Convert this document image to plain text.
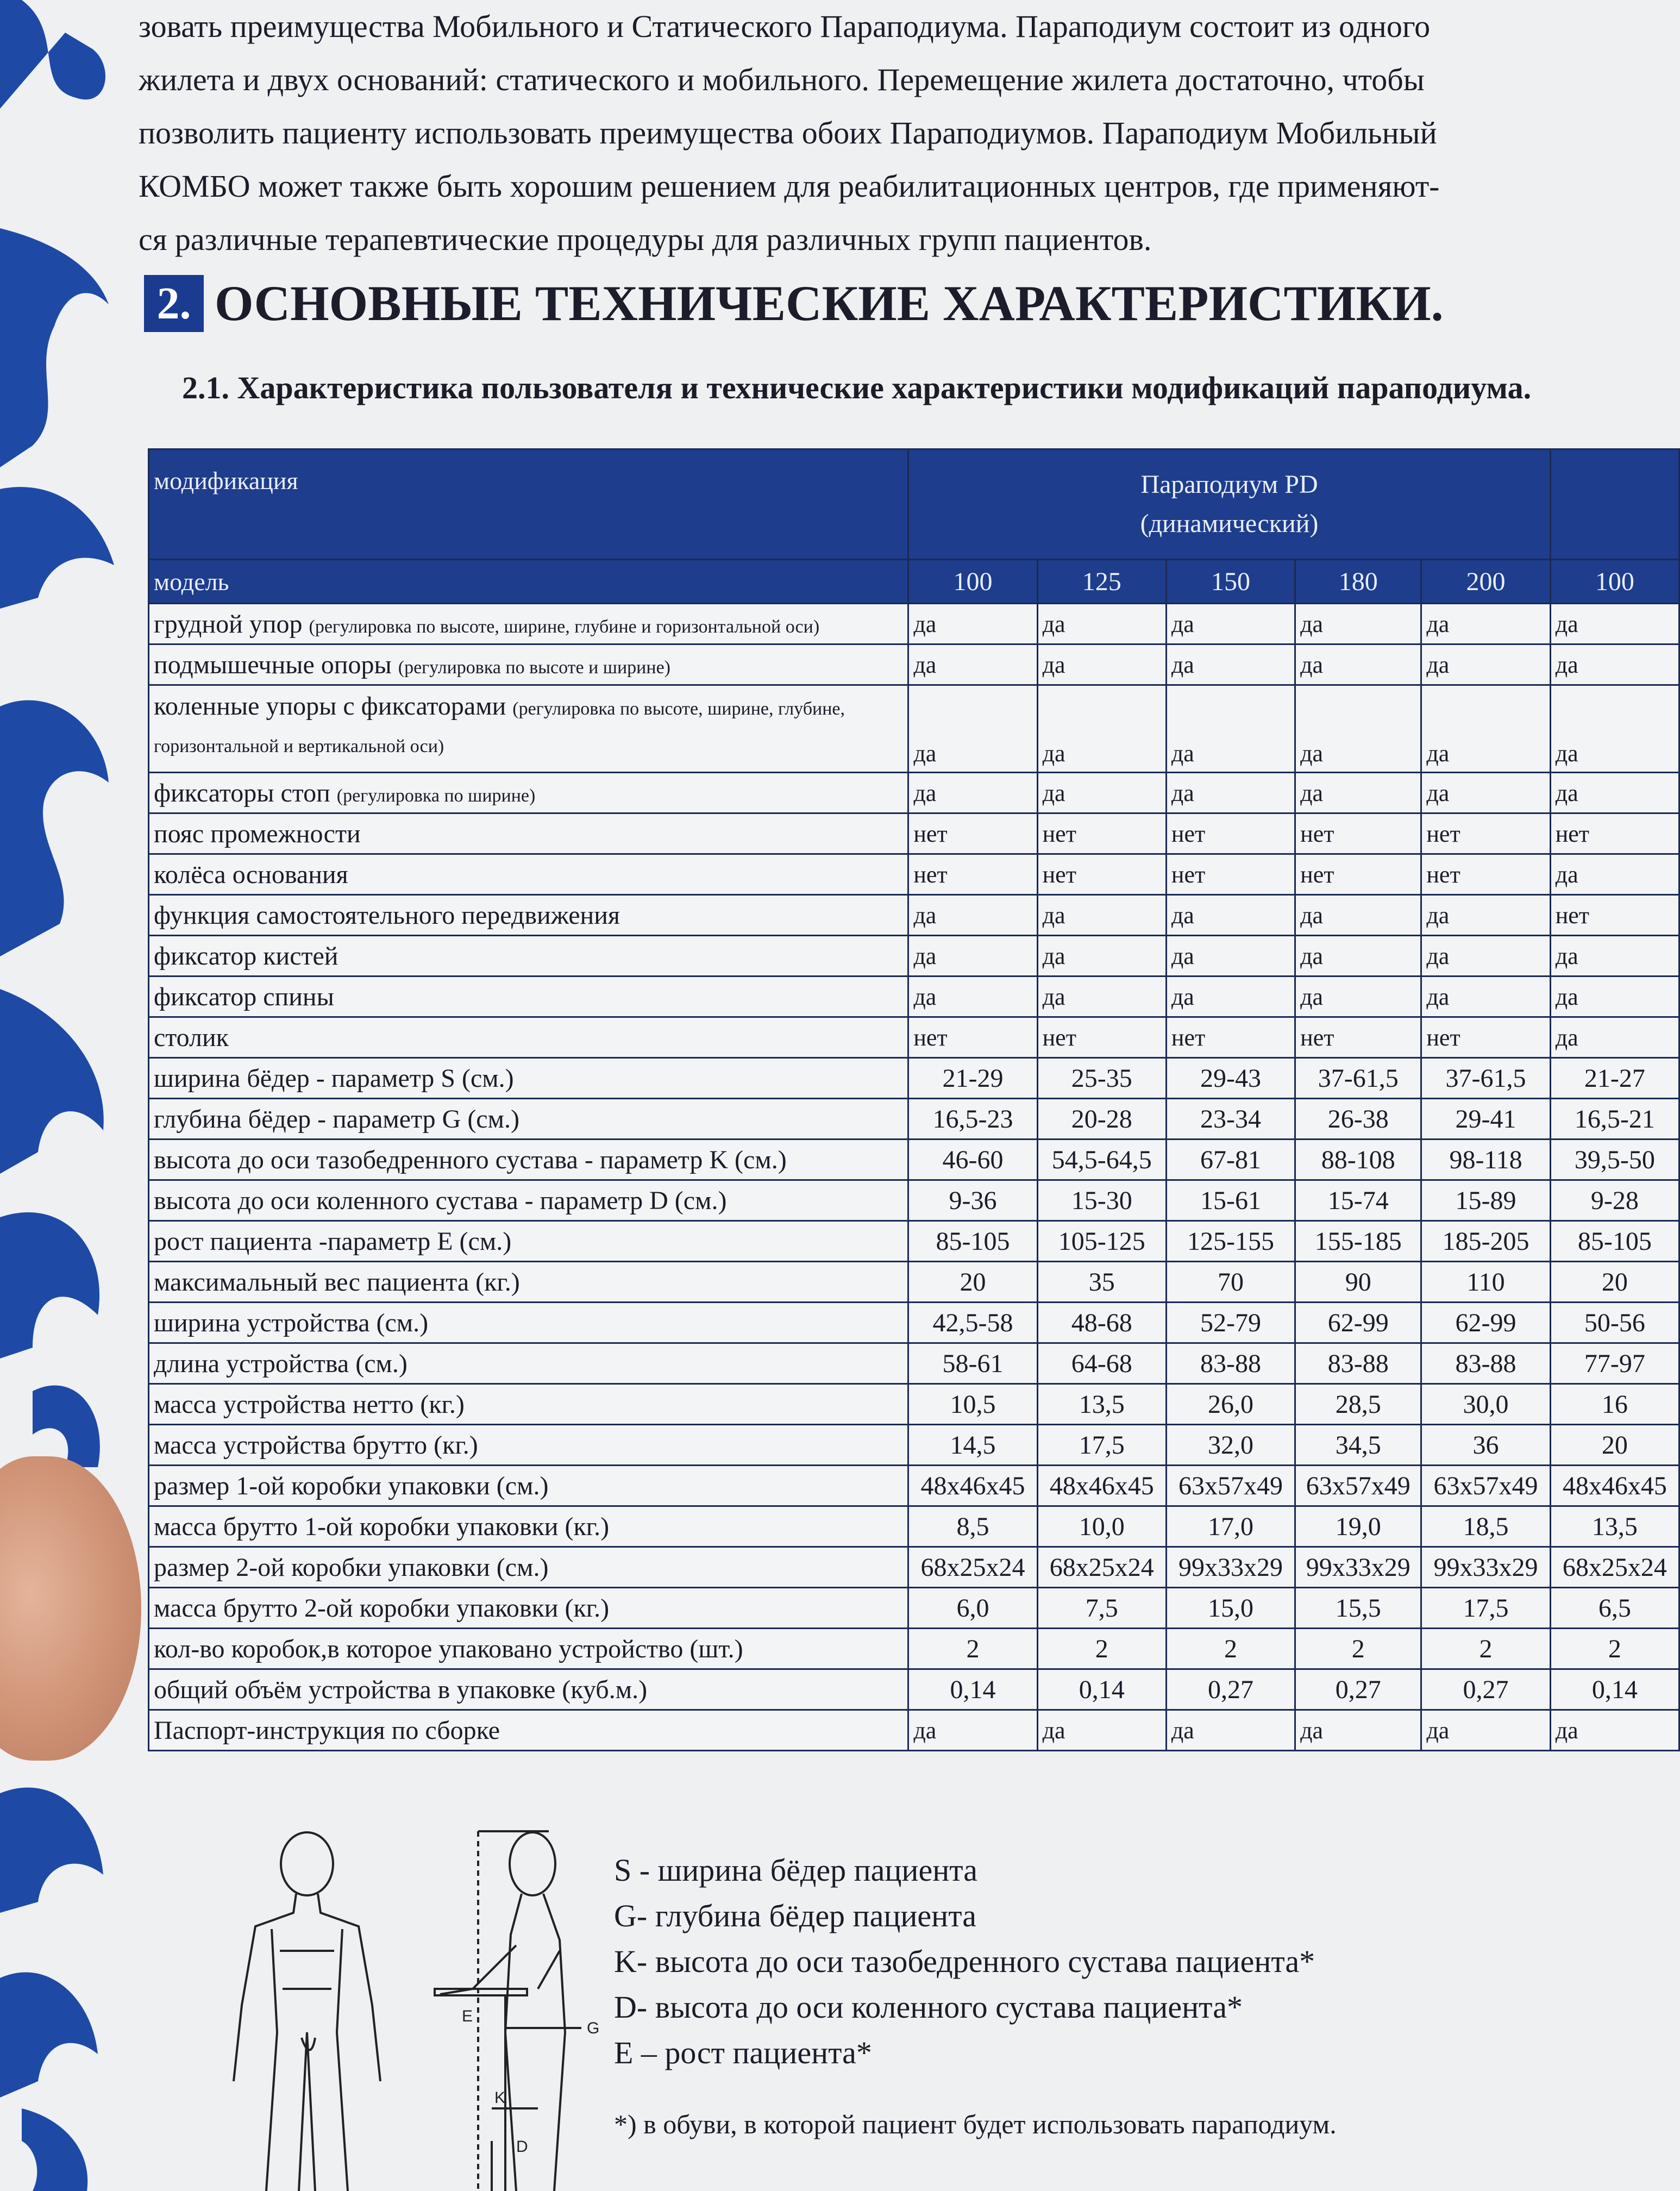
зовать преимущества Мобильного и Статического Параподиума. Параподиум состоит из одного

жилета и двух оснований: статического и мобильного. Перемещение жилета достаточно, чтобы

позволить пациенту использовать преимущества обоих Параподиумов. Параподиум Мобильный

КОМБО может также быть хорошим решением для реабилитационных центров, где применяют-

ся различные терапевтические процедуры для различных групп пациентов.

2. ОСНОВНЫЕ ТЕХНИЧЕСКИЕ ХАРАКТЕРИСТИКИ.
2.1. Характеристика пользователя и технические характеристики модификаций параподиума.
модификация	Параподиум PD
(динамический)					

модель	100	125	150	180	200	100
грудной упор (регулировка по высоте, ширине, глубине и горизонтальной оси)	да	да	да	да	да	да
подмышечные опоры (регулировка по высоте и ширине)	да	да	да	да	да	да
коленные упоры с фиксаторами (регулировка по высоте, ширине, глубине, горизонтальной и вертикальной оси)	да	да	да	да	да	да
фиксаторы стоп (регулировка по ширине)	да	да	да	да	да	да
пояс промежности	нет	нет	нет	нет	нет	нет
колёса основания	нет	нет	нет	нет	нет	да
функция самостоятельного передвижения	да	да	да	да	да	нет
фиксатор кистей	да	да	да	да	да	да
фиксатор спины	да	да	да	да	да	да
столик	нет	нет	нет	нет	нет	да
ширина бёдер - параметр S (см.)	21-29	25-35	29-43	37-61,5	37-61,5	21-27
глубина бёдер - параметр G (см.)	16,5-23	20-28	23-34	26-38	29-41	16,5-21
высота до оси тазобедренного сустава - параметр K (см.)	46-60	54,5-64,5	67-81	88-108	98-118	39,5-50
высота до оси коленного сустава - параметр D (см.)	9-36	15-30	15-61	15-74	15-89	9-28
рост пациента -параметр E (см.)	85-105	105-125	125-155	155-185	185-205	85-105
максимальный вес пациента (кг.)	20	35	70	90	110	20
ширина устройства (см.)	42,5-58	48-68	52-79	62-99	62-99	50-56
длина устройства (см.)	58-61	64-68	83-88	83-88	83-88	77-97
масса устройства нетто (кг.)	10,5	13,5	26,0	28,5	30,0	16
масса устройства брутто (кг.)	14,5	17,5	32,0	34,5	36	20
размер 1-ой коробки упаковки (см.)	48x46x45	48x46x45	63x57x49	63x57x49	63x57x49	48x46x45
масса брутто 1-ой коробки упаковки (кг.)	8,5	10,0	17,0	19,0	18,5	13,5
размер 2-ой коробки упаковки (см.)	68x25x24	68x25x24	99x33x29	99x33x29	99x33x29	68x25x24
масса брутто 2-ой коробки упаковки (кг.)	6,0	7,5	15,0	15,5	17,5	6,5
кол-во коробок,в которое упаковано устройство (шт.)	2	2	2	2	2	2
общий объём устройства в упаковке (куб.м.)	0,14	0,14	0,27	0,27	0,27	0,14
Паспорт-инструкция по сборке	да	да	да	да	да	да
E
G
K
D
S - ширина бёдер пациента
G- глубина бёдер пациента
K- высота до оси тазобедренного сустава пациента*
D- высота до оси коленного сустава пациента*
E – рост пациента*
*) в обуви, в которой пациент будет использовать параподиум.
